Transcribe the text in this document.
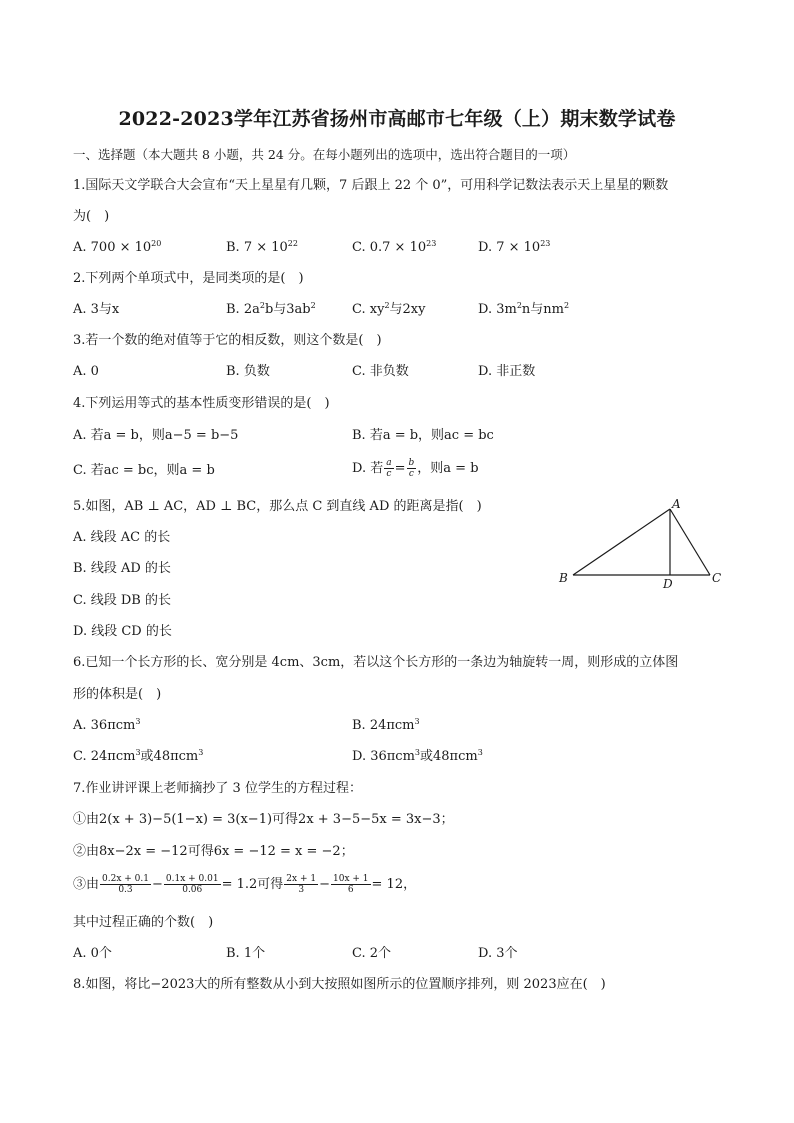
2022-2023学年江苏省扬州市高邮市七年级（上）期末数学试卷
一、选择题（本大题共 8 小题，共 24 分。在每小题列出的选项中，选出符合题目的一项）
1.国际天文学联合大会宣布“天上星星有几颗，7 后跟上 22 个 0”，可用科学记数法表示天上星星的颗数
为(　)
A. $700 \times 10^{20}$	B. $7 \times 10^{22}$	C. $0.7 \times 10^{23}$	D. $7 \times 10^{23}$
2.下列两个单项式中，是同类项的是(　)
A. 3与x	B. $2a^2b$与$3ab^2$	C. $xy^2$与2xy	D. $3m^2n$与$nm^2$
3.若一个数的绝对值等于它的相反数，则这个数是(　)
A. 0	B. 负数	C. 非负数	D. 非正数
4.下列运用等式的基本性质变形错误的是(　)
A. 若a = b，则a−5 = b−5	B. 若a = b，则ac = bc
C. 若ac = bc，则a = b	D. 若 $\frac{a}{c} = \frac{b}{c}$ ，则a = b
5.如图，AB ⊥ AC，AD ⊥ BC，那么点 C 到直线 AD 的距离是指(　)
A. 线段 AC 的长
B. 线段 AD 的长
C. 线段 DB 的长
D. 线段 CD 的长
A
B	C
D
6.已知一个长方形的长、宽分别是 4cm、3cm，若以这个长方形的一条边为轴旋转一周，则形成的立体图
形的体积是(　)
A. 36πcm$^3$	B. 24πcm$^3$
C. 24πcm$^3$或48πcm$^3$	D. 36πcm$^3$或48πcm$^3$
7.作业讲评课上老师摘抄了 3 位学生的方程过程：
①由2(x + 3)−5(1−x) = 3(x−1)可得2x + 3−5−5x = 3x−3；
②由8x−2x = −12可得6x = −12 = x = −2；
③由 $\frac{0.2x + 0.1}{0.3} - \frac{0.1x + 0.01}{0.06} = 1.2$可得 $\frac{2x + 1}{3} - \frac{10x + 1}{6} = 12$，
其中过程正确的个数(　)
A. 0个	B. 1个	C. 2个	D. 3个
8.如图，将比−2023大的所有整数从小到大按照如图所示的位置顺序排列，则 2023应在(　)
